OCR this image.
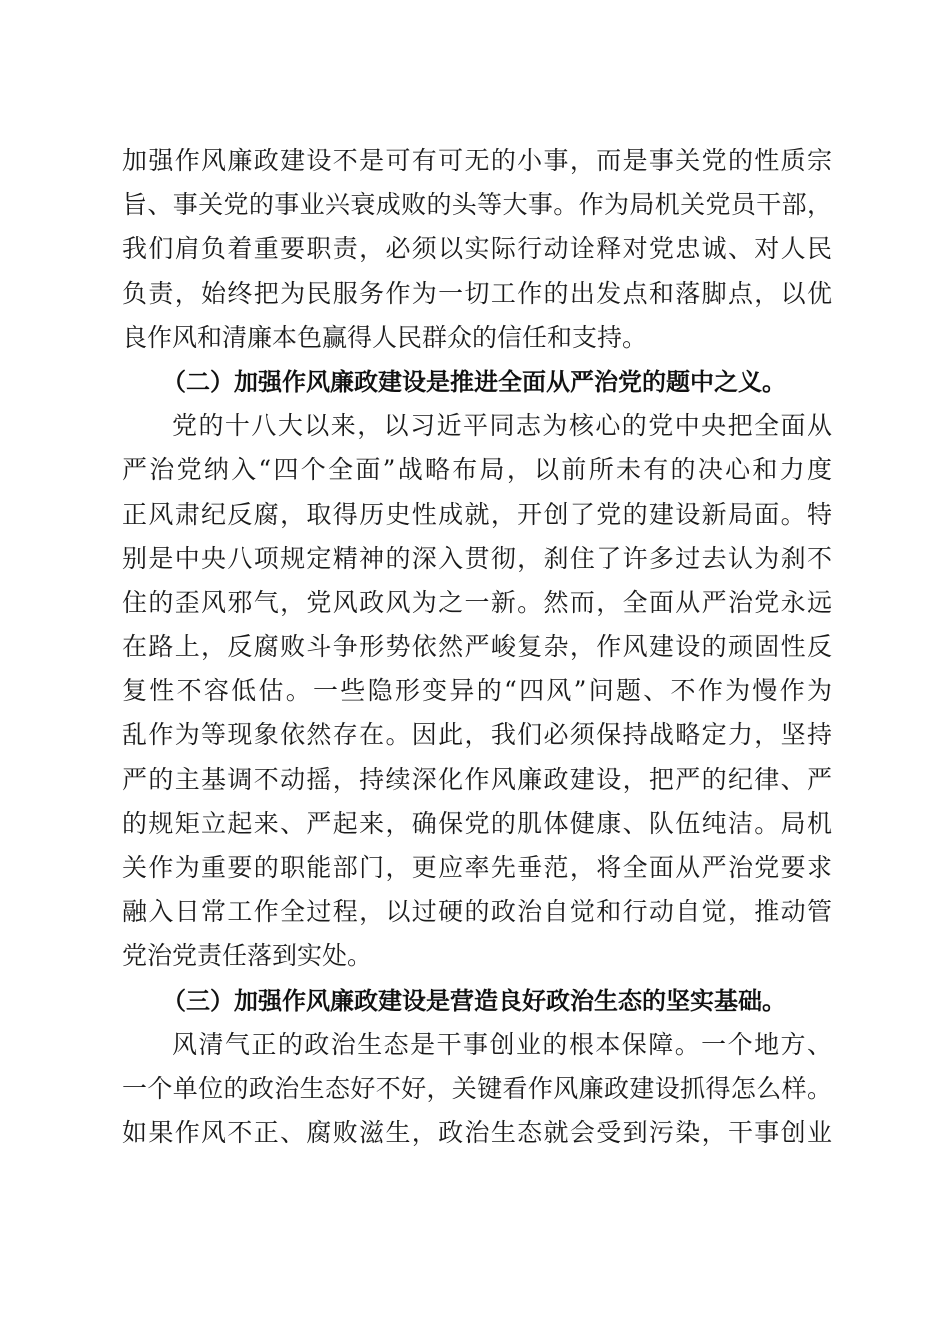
加强作风廉政建设不是可有可无的小事，而是事关党的性质宗
旨、事关党的事业兴衰成败的头等大事。作为局机关党员干部，
我们肩负着重要职责，必须以实际行动诠释对党忠诚、对人民
负责，始终把为民服务作为一切工作的出发点和落脚点，以优
良作风和清廉本色赢得人民群众的信任和支持。
（二）加强作风廉政建设是推进全面从严治党的题中之义。
党的十八大以来，以习近平同志为核心的党中央把全面从
严治党纳入“四个全面”战略布局，以前所未有的决心和力度
正风肃纪反腐，取得历史性成就，开创了党的建设新局面。特
别是中央八项规定精神的深入贯彻，刹住了许多过去认为刹不
住的歪风邪气，党风政风为之一新。然而，全面从严治党永远
在路上，反腐败斗争形势依然严峻复杂，作风建设的顽固性反
复性不容低估。一些隐形变异的“四风”问题、不作为慢作为
乱作为等现象依然存在。因此，我们必须保持战略定力，坚持
严的主基调不动摇，持续深化作风廉政建设，把严的纪律、严
的规矩立起来、严起来，确保党的肌体健康、队伍纯洁。局机
关作为重要的职能部门，更应率先垂范，将全面从严治党要求
融入日常工作全过程，以过硬的政治自觉和行动自觉，推动管
党治党责任落到实处。
（三）加强作风廉政建设是营造良好政治生态的坚实基础。
风清气正的政治生态是干事创业的根本保障。一个地方、
一个单位的政治生态好不好，关键看作风廉政建设抓得怎么样。
如果作风不正、腐败滋生，政治生态就会受到污染，干事创业
